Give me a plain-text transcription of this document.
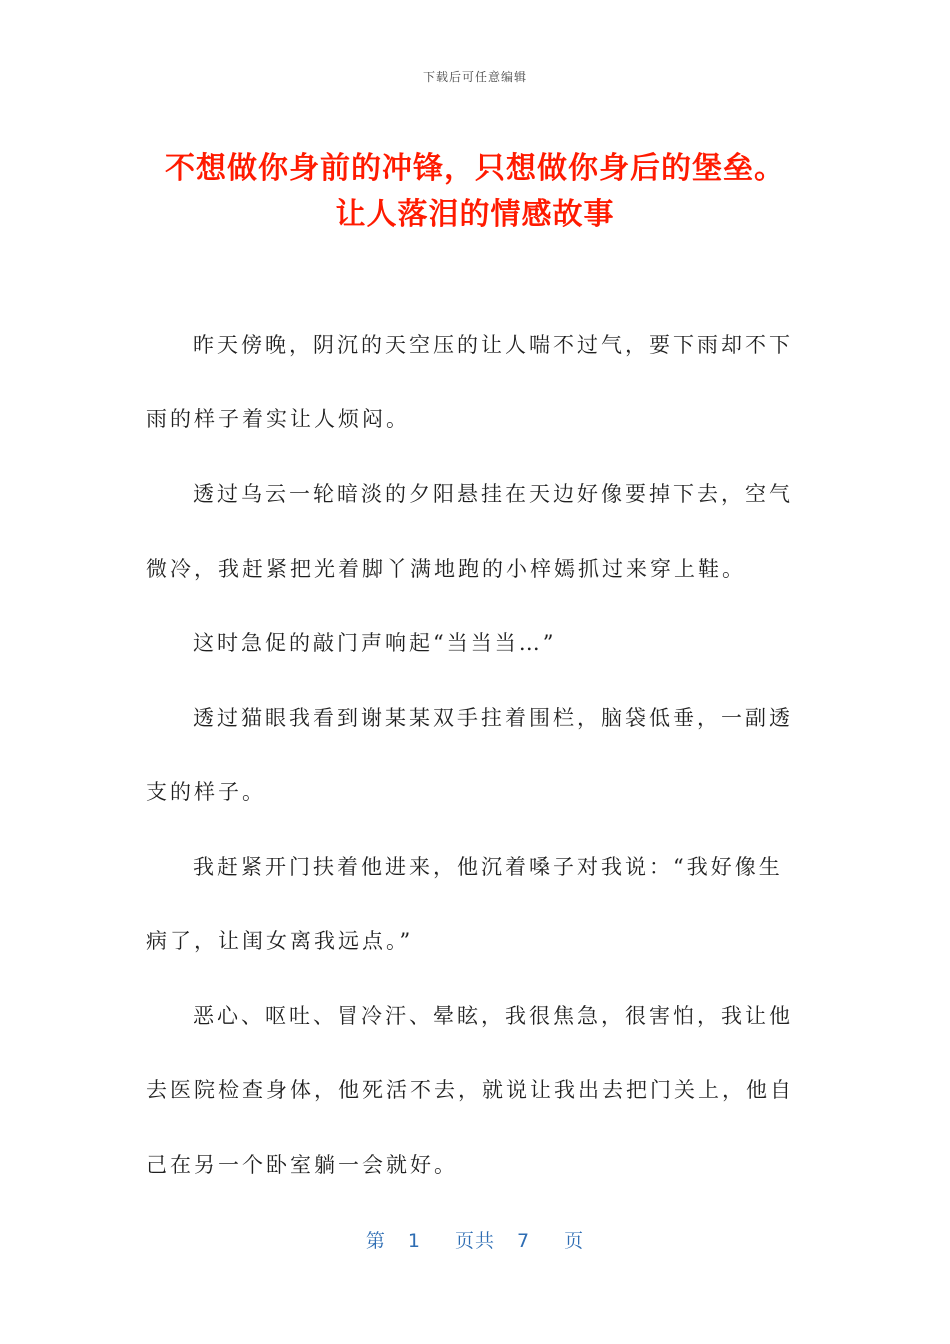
下载后可任意编辑
不想做你身前的冲锋，只想做你身后的堡垒。
让人落泪的情感故事
昨天傍晚，阴沉的天空压的让人喘不过气，要下雨却不下
雨的样子着实让人烦闷。
透过乌云一轮暗淡的夕阳悬挂在天边好像要掉下去，空气
微冷，我赶紧把光着脚丫满地跑的小梓嫣抓过来穿上鞋。
这时急促的敲门声响起“当当当…”
透过猫眼我看到谢某某双手拄着围栏，脑袋低垂，一副透
支的样子。
我赶紧开门扶着他进来，他沉着嗓子对我说：“我好像生
病了，让闺女离我远点。”
恶心、呕吐、冒冷汗、晕眩，我很焦急，很害怕，我让他
去医院检查身体，他死活不去，就说让我出去把门关上，他自
己在另一个卧室躺一会就好。
第 1 页共 7 页
